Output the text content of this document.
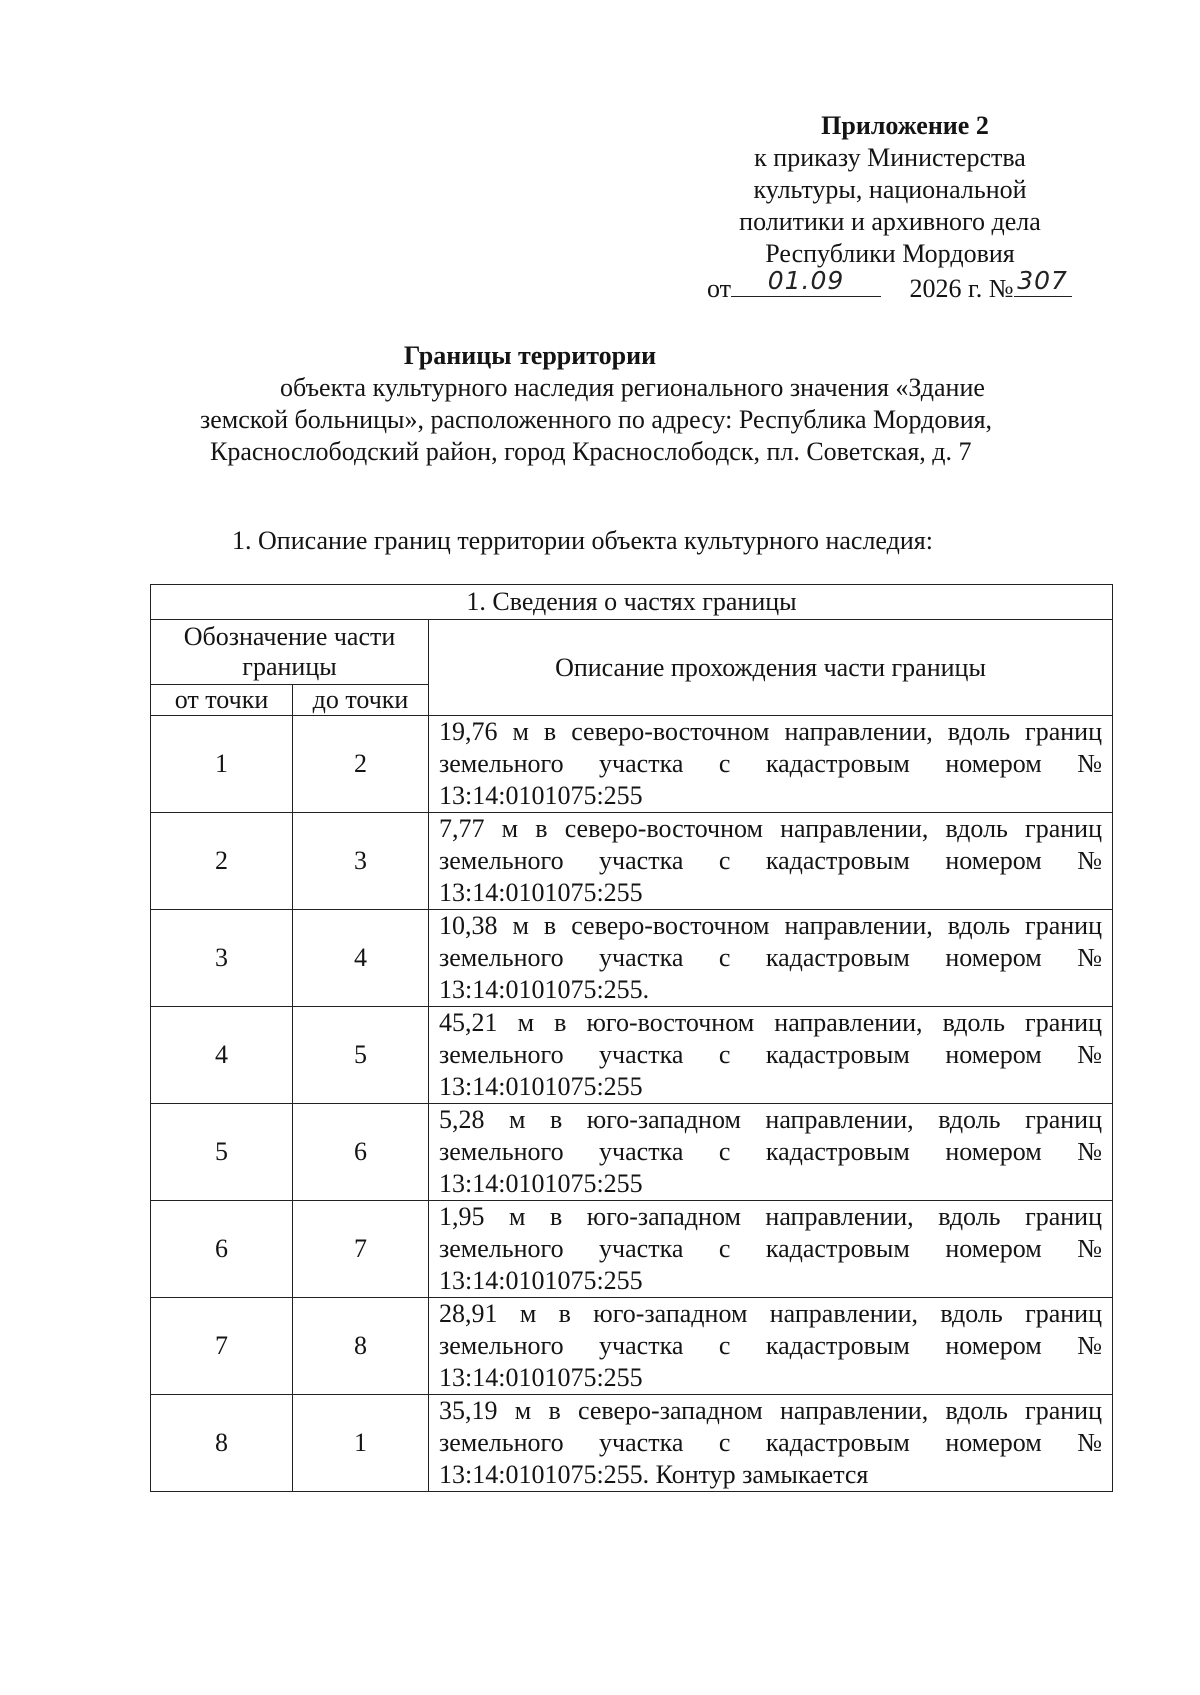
Приложение 2
к приказу Министерства
культуры, национальной
политики и архивного дела
Республики Мордовия
от	01.09	2026 г. № 307
Границы территории
объекта культурного наследия регионального значения «Здание
земской больницы», расположенного по адресу: Республика Мордовия,
Краснослободский район, город Краснослободск, пл. Советская, д. 7
1. Описание границ территории объекта культурного наследия:
1. Сведения о частях границы		
Обозначение части границы		Описание прохождения части границы
от точки	до точки	
1	2	19,76 м в северо-восточном направлении, вдоль границ земельного участка с кадастровым номером № 13:14:0101075:255
2	3	7,77 м в северо-восточном направлении, вдоль границ земельного участка с кадастровым номером № 13:14:0101075:255
3	4	10,38 м в северо-восточном направлении, вдоль границ земельного участка с кадастровым номером № 13:14:0101075:255.
4	5	45,21 м в юго-восточном направлении, вдоль границ земельного участка с кадастровым номером № 13:14:0101075:255
5	6	5,28 м в юго-западном направлении, вдоль границ земельного участка с кадастровым номером № 13:14:0101075:255
6	7	1,95 м в юго-западном направлении, вдоль границ земельного участка с кадастровым номером № 13:14:0101075:255
7	8	28,91 м в юго-западном направлении, вдоль границ земельного участка с кадастровым номером № 13:14:0101075:255
8	1	35,19 м в северо-западном направлении, вдоль границ земельного участка с кадастровым номером № 13:14:0101075:255. Контур замыкается
